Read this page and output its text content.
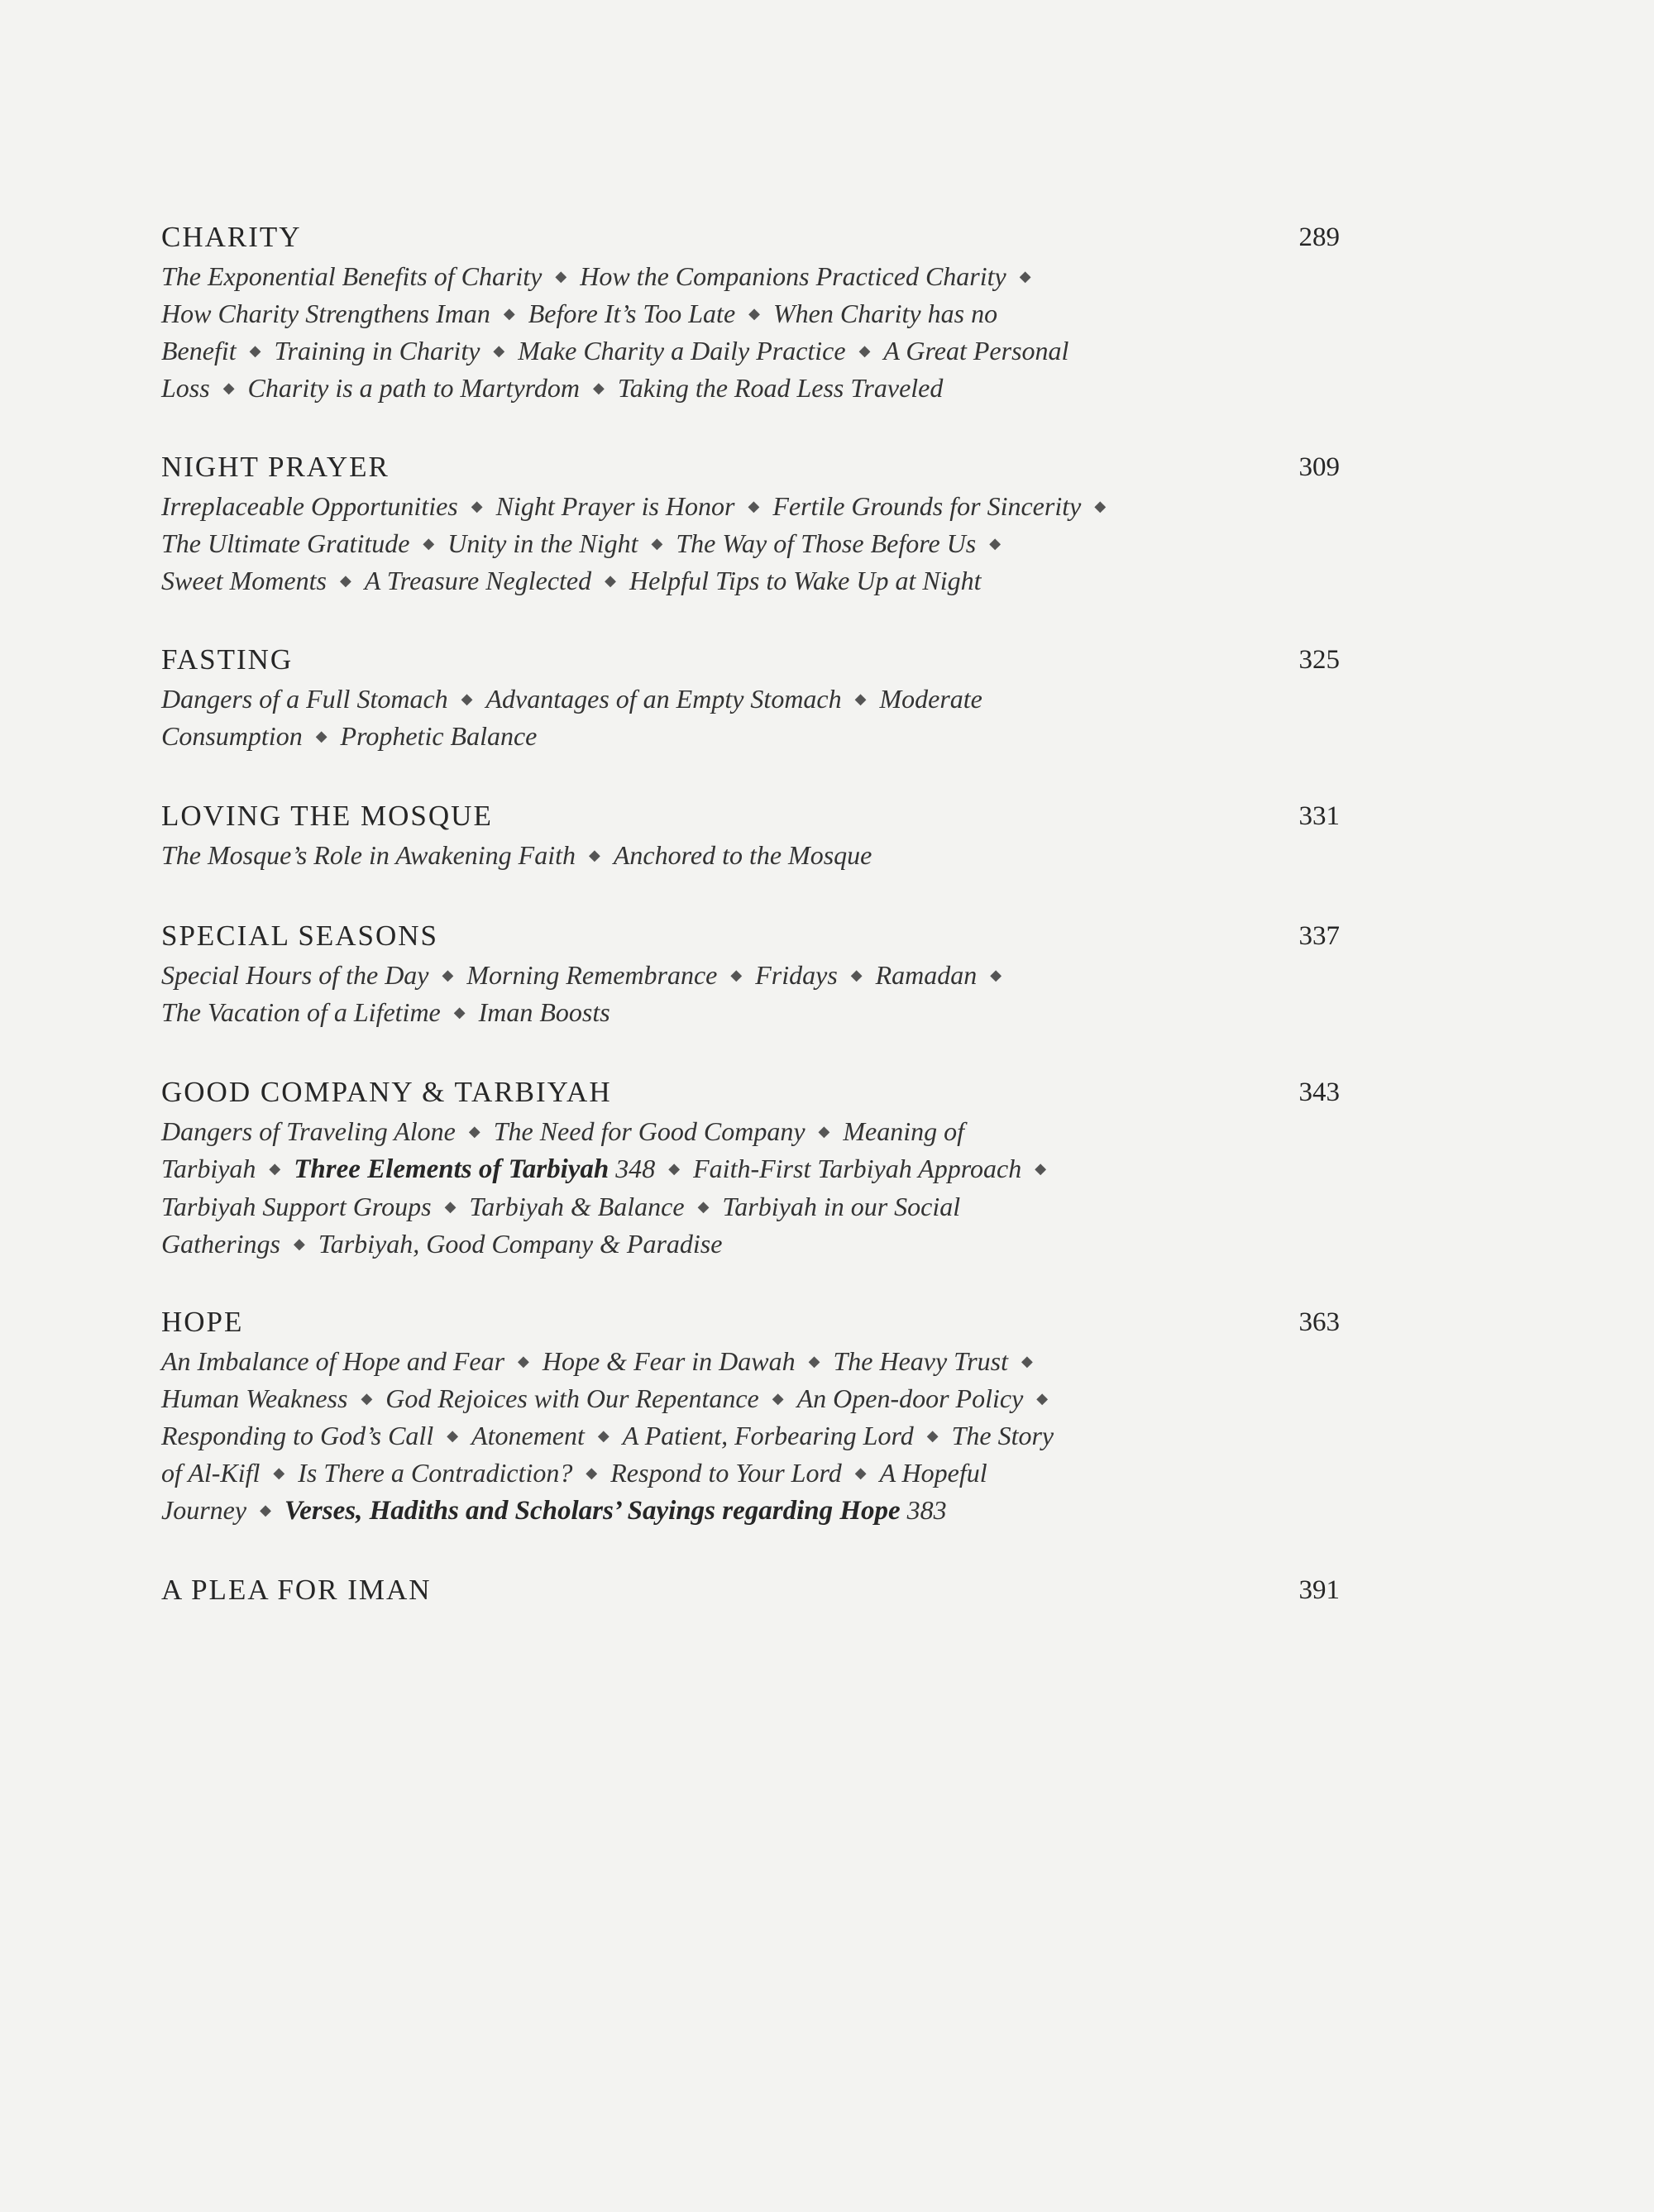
CHARITY	289
The Exponential Benefits of Charity ◆ How the Companions Practiced Charity ◆
How Charity Strengthens Iman ◆ Before It’s Too Late ◆ When Charity has no
Benefit ◆ Training in Charity ◆ Make Charity a Daily Practice ◆ A Great Personal
Loss ◆ Charity is a path to Martyrdom ◆ Taking the Road Less Traveled
NIGHT PRAYER	309
Irreplaceable Opportunities ◆ Night Prayer is Honor ◆ Fertile Grounds for Sincerity ◆
The Ultimate Gratitude ◆ Unity in the Night ◆ The Way of Those Before Us ◆
Sweet Moments ◆ A Treasure Neglected ◆ Helpful Tips to Wake Up at Night
FASTING	325
Dangers of a Full Stomach ◆ Advantages of an Empty Stomach ◆ Moderate
Consumption ◆ Prophetic Balance
LOVING THE MOSQUE	331
The Mosque’s Role in Awakening Faith ◆ Anchored to the Mosque
SPECIAL SEASONS	337
Special Hours of the Day ◆ Morning Remembrance ◆ Fridays ◆ Ramadan ◆
The Vacation of a Lifetime ◆ Iman Boosts
GOOD COMPANY & TARBIYAH	343
Dangers of Traveling Alone ◆ The Need for Good Company ◆ Meaning of
Tarbiyah ◆ Three Elements of Tarbiyah 348 ◆ Faith-First Tarbiyah Approach ◆
Tarbiyah Support Groups ◆ Tarbiyah & Balance ◆ Tarbiyah in our Social
Gatherings ◆ Tarbiyah, Good Company & Paradise
HOPE	363
An Imbalance of Hope and Fear ◆ Hope & Fear in Dawah ◆ The Heavy Trust ◆
Human Weakness ◆ God Rejoices with Our Repentance ◆ An Open-door Policy ◆
Responding to God’s Call ◆ Atonement ◆ A Patient, Forbearing Lord ◆ The Story
of Al-Kifl ◆ Is There a Contradiction? ◆ Respond to Your Lord ◆ A Hopeful
Journey ◆ Verses, Hadiths and Scholars’ Sayings regarding Hope 383
A PLEA FOR IMAN	391
